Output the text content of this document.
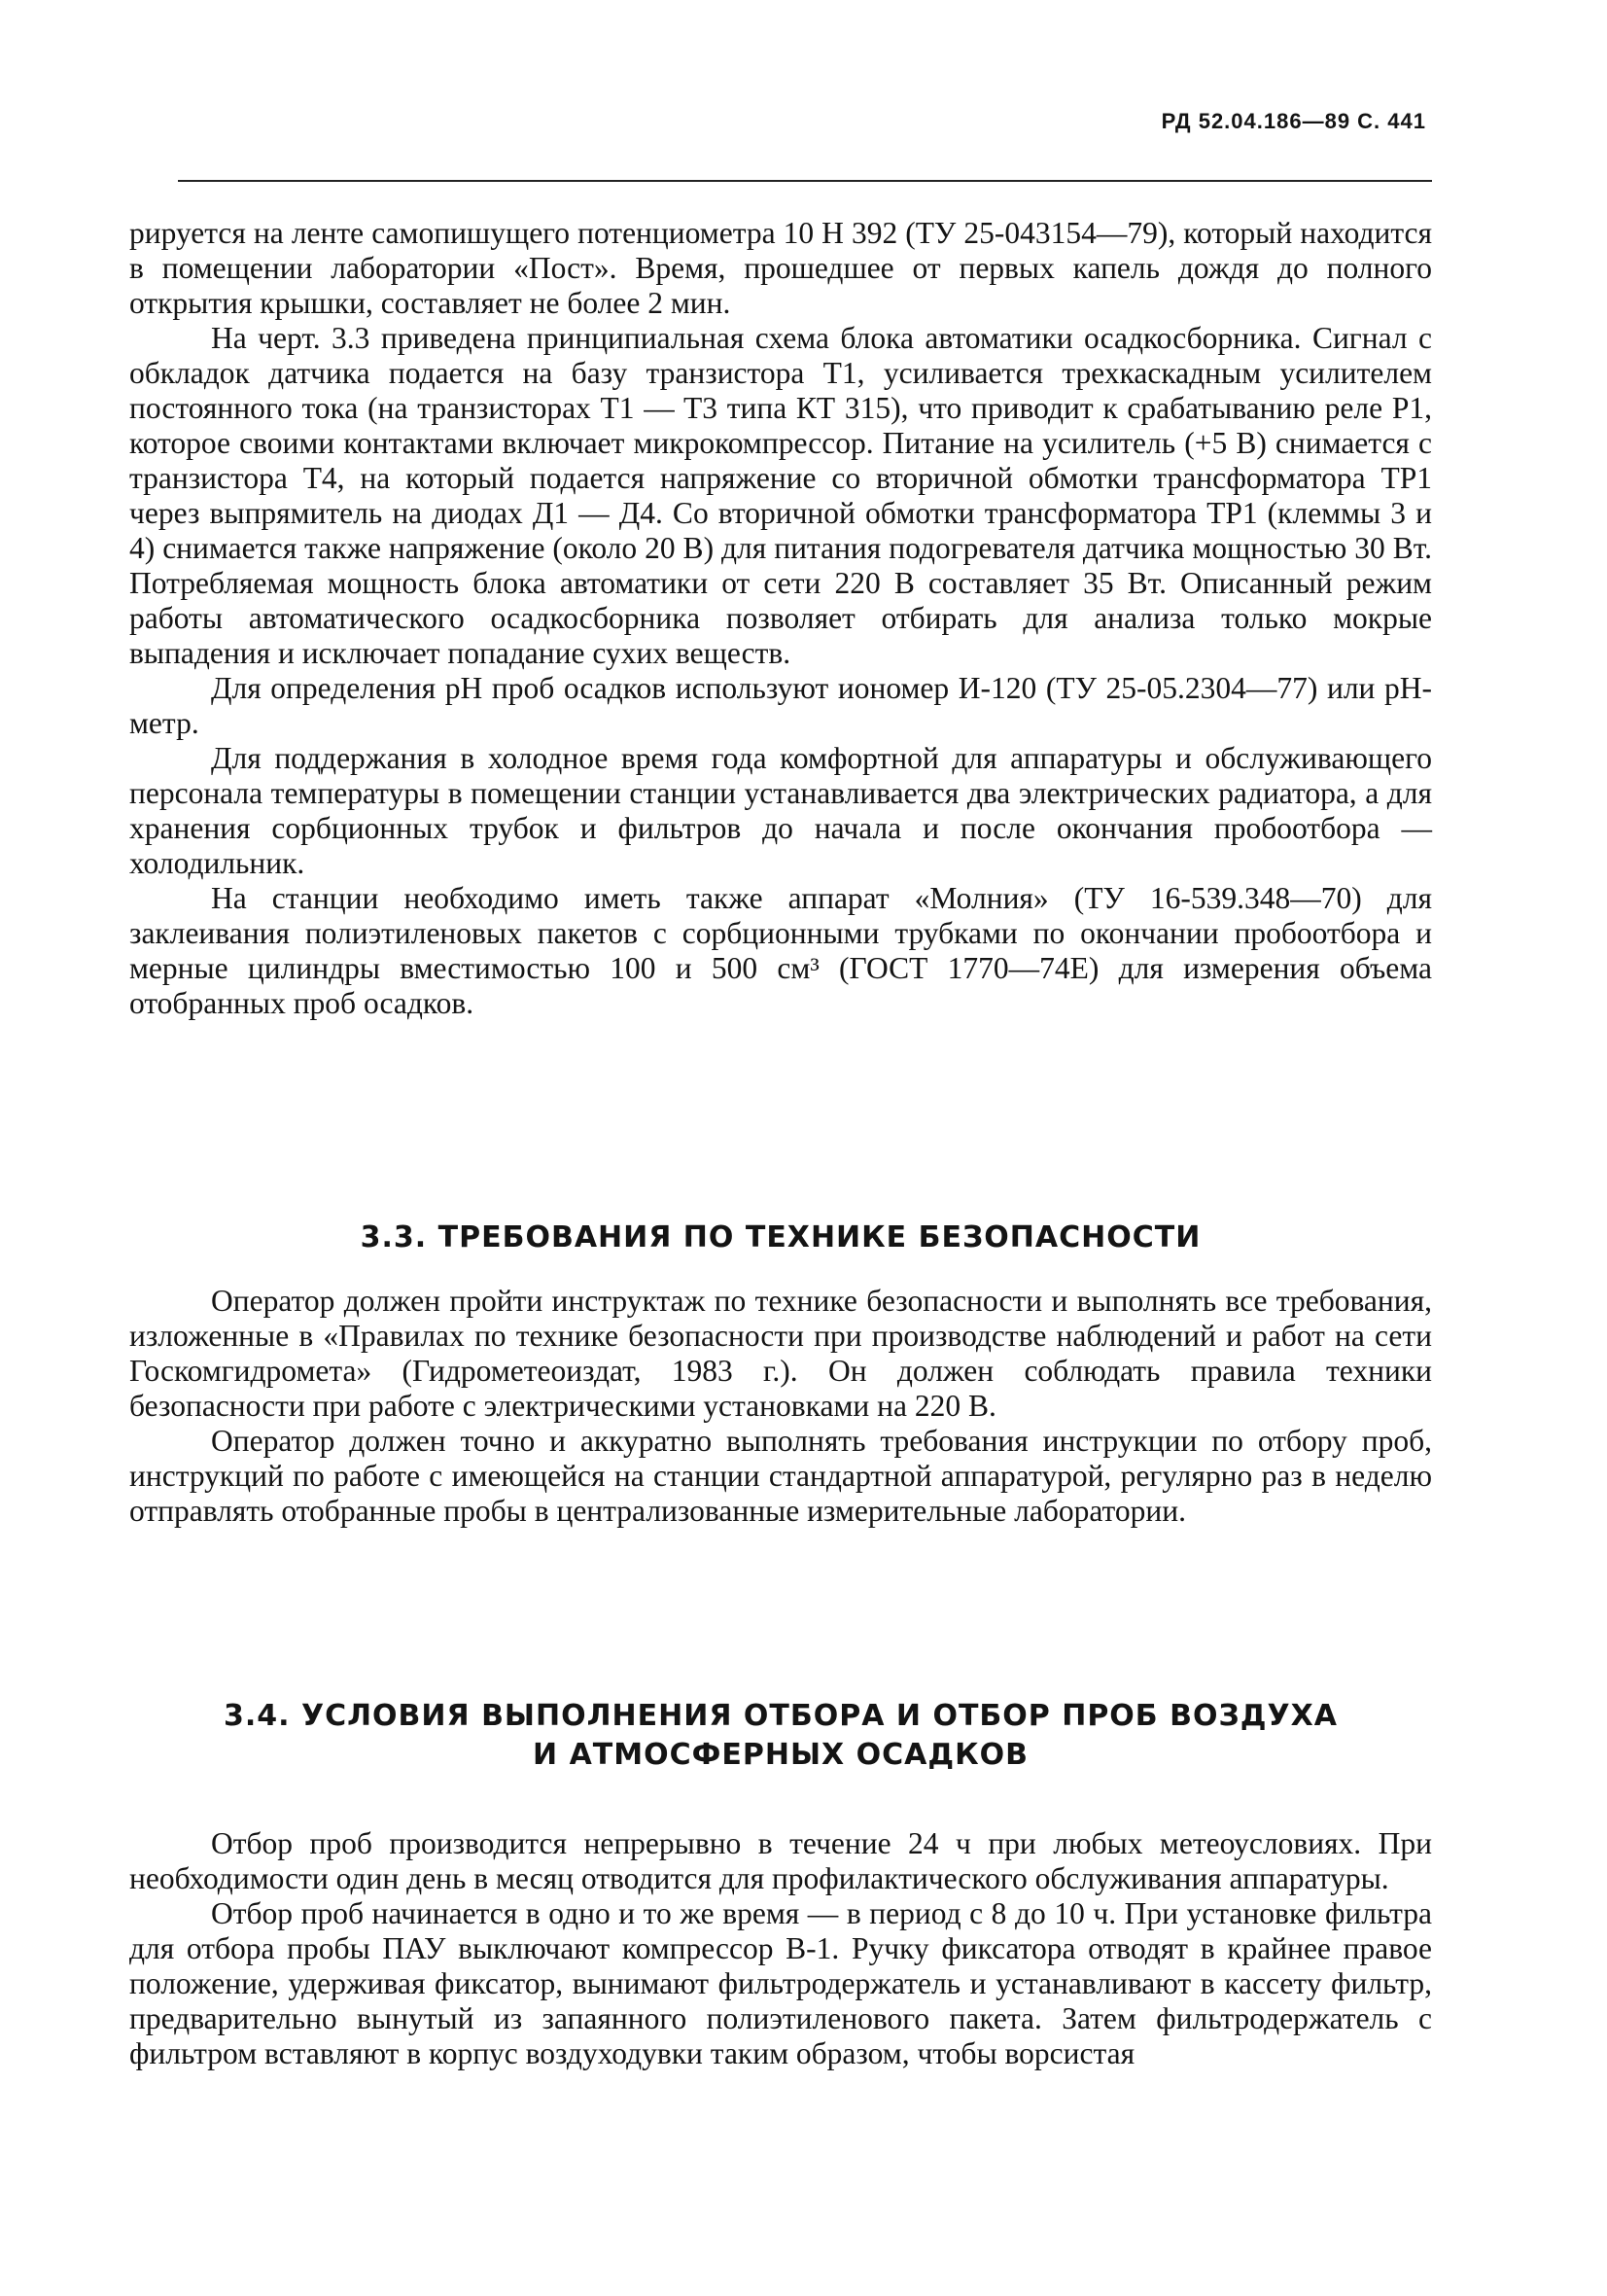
РД 52.04.186—89 С. 441

рируется на ленте самопишущего потенциометра 10 Н 392 (ТУ 25-043154—79), который находится в помещении лаборатории «Пост». Время, прошедшее от первых капель дождя до полного открытия крышки, составляет не более 2 мин.

На черт. 3.3 приведена принципиальная схема блока автоматики осадкосборника. Сигнал с обкладок датчика подается на базу транзистора T1, усиливается трехкаскадным усилителем постоянного тока (на транзисторах T1 — T3 типа КТ 315), что приводит к срабатыванию реле P1, которое своими контактами включает микрокомпрессор. Питание на усилитель (+5 В) снимается с транзистора T4, на который подается напряжение со вторичной обмотки трансформатора TP1 через выпрямитель на диодах Д1 — Д4. Со вторичной обмотки трансформатора TP1 (клеммы 3 и 4) снимается также напряжение (около 20 В) для питания подогревателя датчика мощностью 30 Вт. Потребляемая мощность блока автоматики от сети 220 В составляет 35 Вт. Описанный режим работы автоматического осадкосборника позволяет отбирать для анализа только мокрые выпадения и исключает попадание сухих веществ.

Для определения pH проб осадков используют иономер И-120 (ТУ 25-05.2304—77) или pH-метр.

Для поддержания в холодное время года комфортной для аппаратуры и обслуживающего персонала температуры в помещении станции устанавливается два электрических радиатора, а для хранения сорбционных трубок и фильтров до начала и после окончания пробоотбора — холодильник.

На станции необходимо иметь также аппарат «Молния» (ТУ 16-539.348—70) для заклеивания полиэтиленовых пакетов с сорбционными трубками по окончании пробоотбора и мерные цилиндры вместимостью 100 и 500 см³ (ГОСТ 1770—74Е) для измерения объема отобранных проб осадков.

3.3. ТРЕБОВАНИЯ ПО ТЕХНИКЕ БЕЗОПАСНОСТИ

Оператор должен пройти инструктаж по технике безопасности и выполнять все требования, изложенные в «Правилах по технике безопасности при производстве наблюдений и работ на сети Госкомгидромета» (Гидрометеоиздат, 1983 г.). Он должен соблюдать правила техники безопасности при работе с электрическими установками на 220 В.

Оператор должен точно и аккуратно выполнять требования инструкции по отбору проб, инструкций по работе с имеющейся на станции стандартной аппаратурой, регулярно раз в неделю отправлять отобранные пробы в централизованные измерительные лаборатории.

3.4. УСЛОВИЯ ВЫПОЛНЕНИЯ ОТБОРА И ОТБОР ПРОБ ВОЗДУХА
И АТМОСФЕРНЫХ ОСАДКОВ

Отбор проб производится непрерывно в течение 24 ч при любых метеоусловиях. При необходимости один день в месяц отводится для профилактического обслуживания аппаратуры.

Отбор проб начинается в одно и то же время — в период с 8 до 10 ч. При установке фильтра для отбора пробы ПАУ выключают компрессор В-1. Ручку фиксатора отводят в крайнее правое положение, удерживая фиксатор, вынимают фильтродержатель и устанавливают в кассету фильтр, предварительно вынутый из запаянного полиэтиленового пакета. Затем фильтродержатель с фильтром вставляют в корпус воздуходувки таким образом, чтобы ворсистая
